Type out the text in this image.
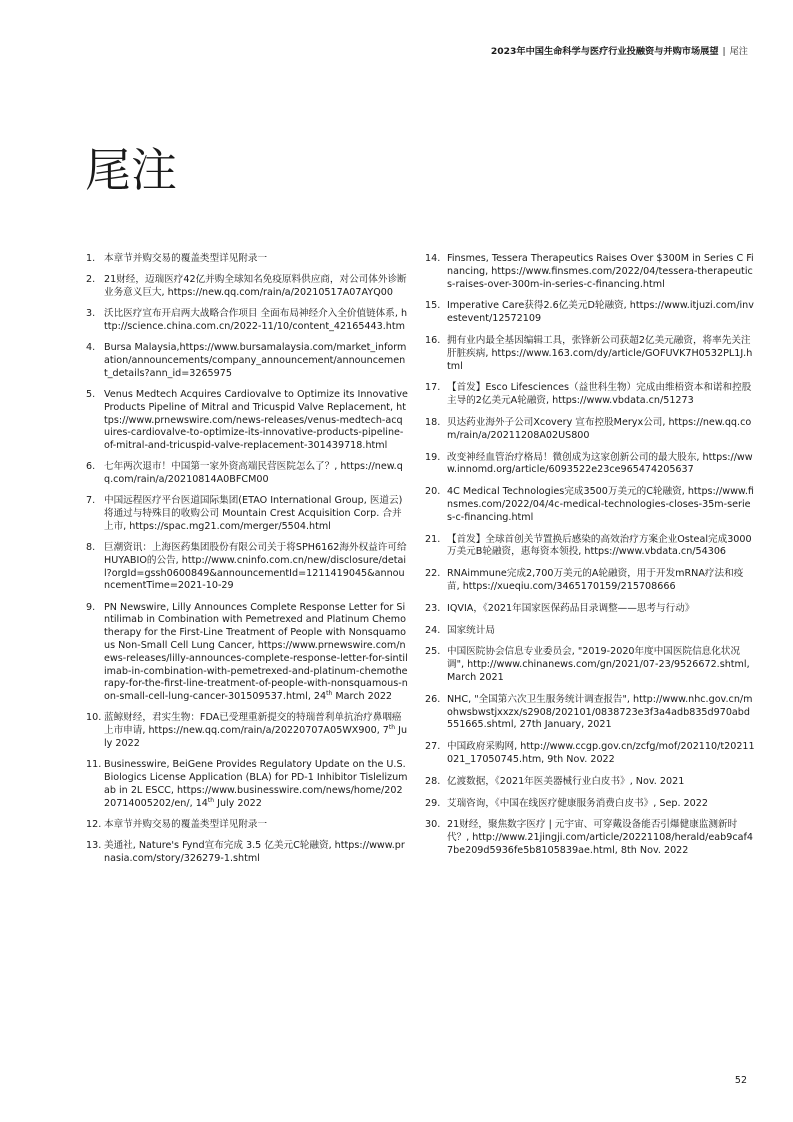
2023年中国生命科学与医疗行业投融资与并购市场展望 | 尾注
尾注
1. 本章节并购交易的覆盖类型详见附录一
2. 21财经，迈瑞医疗42亿并购全球知名免疫原料供应商，对公司体外诊断业务意义巨大, https://new.qq.com/rain/a/20210517A07AYQ00
3. 沃比医疗宣布开启两大战略合作项目 全面布局神经介入全价值链体系, http://science.china.com.cn/2022-11/10/content_42165443.htm
4. Bursa Malaysia,https://www.bursamalaysia.com/market_information/announcements/company_announcement/announcement_details?ann_id=3265975
5. Venus Medtech Acquires Cardiovalve to Optimize its Innovative Products Pipeline of Mitral and Tricuspid Valve Replacement, https://www.prnewswire.com/news-releases/venus-medtech-acquires-cardiovalve-to-optimize-its-innovative-products-pipeline-of-mitral-and-tricuspid-valve-replacement-301439718.html
6. 七年两次退市！中国第一家外资高端民营医院怎么了？, https://new.qq.com/rain/a/20210814A0BFCM00
7. 中国远程医疗平台医道国际集团(ETAO International Group, 医道云)将通过与特殊目的收购公司 Mountain Crest Acquisition Corp. 合并上市, https://spac.mg21.com/merger/5504.html
8. 巨潮资讯：上海医药集团股份有限公司关于将SPH6162海外权益许可给HUYABIO的公告, http://www.cninfo.com.cn/new/disclosure/detail?orgId=gssh0600849&announcementId=1211419045&announcementTime=2021-10-29
9. PN Newswire, Lilly Announces Complete Response Letter for Sintilimab in Combination with Pemetrexed and Platinum Chemotherapy for the First-Line Treatment of People with Nonsquamous Non-Small Cell Lung Cancer, https://www.prnewswire.com/news-releases/lilly-announces-complete-response-letter-for-sintilimab-in-combination-with-pemetrexed-and-platinum-chemotherapy-for-the-first-line-treatment-of-people-with-nonsquamous-non-small-cell-lung-cancer-301509537.html, 24th March 2022
10. 蓝鲸财经，君实生物：FDA已受理重新提交的特瑞普利单抗治疗鼻咽癌上市申请, https://new.qq.com/rain/a/20220707A05WX900, 7th July 2022
11. Businesswire, BeiGene Provides Regulatory Update on the U.S. Biologics License Application (BLA) for PD-1 Inhibitor Tislelizumab in 2L ESCC, https://www.businesswire.com/news/home/20220714005202/en/, 14th July 2022
12. 本章节并购交易的覆盖类型详见附录一
13. 美通社, Nature's Fynd宣布完成 3.5 亿美元C轮融资, https://www.prnasia.com/story/326279-1.shtml
14. Finsmes, Tessera Therapeutics Raises Over $300M in Series C Financing, https://www.finsmes.com/2022/04/tessera-therapeutics-raises-over-300m-in-series-c-financing.html
15. Imperative Care获得2.6亿美元D轮融资, https://www.itjuzi.com/investevent/12572109
16. 拥有业内最全基因编辑工具，张锋新公司获超2亿美元融资，将率先关注肝脏疾病, https://www.163.com/dy/article/GOFUVK7H0532PL1J.html
17. 【首发】Esco Lifesciences（益世科生物）完成由维梧资本和诺和控股主导的2亿美元A轮融资, https://www.vbdata.cn/51273
18. 贝达药业海外子公司Xcovery 宣布控股Meryx公司, https://new.qq.com/rain/a/20211208A02US800
19. 改变神经血管治疗格局！微创成为这家创新公司的最大股东, https://www.innomd.org/article/6093522e23ce965474205637
20. 4C Medical Technologies完成3500万美元的C轮融资, https://www.finsmes.com/2022/04/4c-medical-technologies-closes-35m-series-c-financing.html
21. 【首发】全球首创关节置换后感染的高效治疗方案企业Osteal完成3000万美元B轮融资，惠每资本领投, https://www.vbdata.cn/54306
22. RNAimmune完成2,700万美元的A轮融资，用于开发mRNA疗法和疫苗, https://xueqiu.com/3465170159/215708666
23. IQVIA，《2021年国家医保药品目录调整——思考与行动》
24. 国家统计局
25. 中国医院协会信息专业委员会, "2019-2020年度中国医院信息化状况调", http://www.chinanews.com/gn/2021/07-23/9526672.shtml, March 2021
26. NHC, "全国第六次卫生服务统计调查报告", http://www.nhc.gov.cn/mohwsbwstjxxzx/s2908/202101/0838723e3f3a4adb835d970abd551665.shtml, 27th January, 2021
27. 中国政府采购网, http://www.ccgp.gov.cn/zcfg/mof/202110/t20211021_17050745.htm, 9th Nov. 2022
28. 亿渡数据，《2021年医美器械行业白皮书》, Nov. 2021
29. 艾瑞咨询，《中国在线医疗健康服务消费白皮书》, Sep. 2022
30. 21财经，聚焦数字医疗 | 元宇宙、可穿戴设备能否引爆健康监测新时代？, http://www.21jingji.com/article/20221108/herald/eab9caf47be209d5936fe5b8105839ae.html, 8th Nov. 2022
52
